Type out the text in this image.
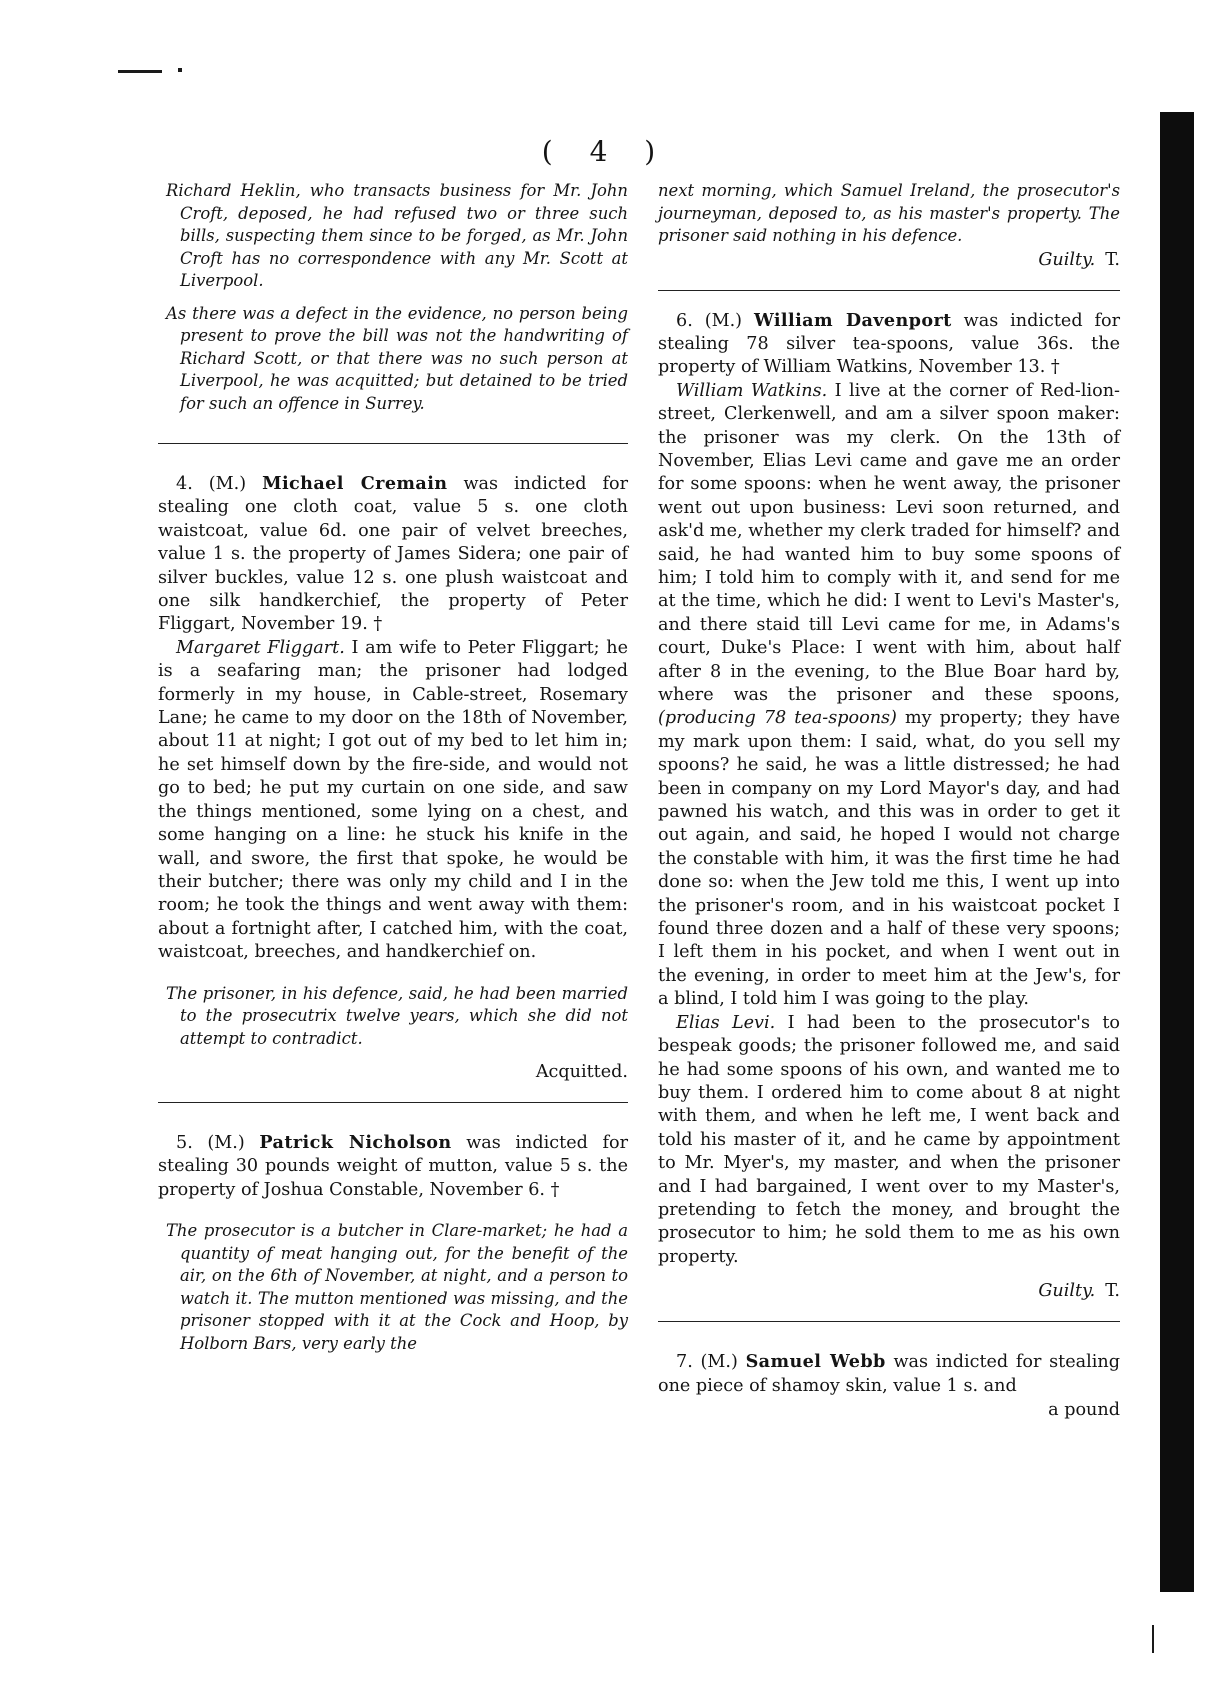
( 4 )

Richard Heklin, who transacts business for Mr. John Croft, deposed, he had refused two or three such bills, suspecting them since to be forged, as Mr. John Croft has no correspondence with any Mr. Scott at Liverpool.

As there was a defect in the evidence, no person being present to prove the bill was not the handwriting of Richard Scott, or that there was no such person at Liverpool, he was acquitted; but detained to be tried for such an offence in Surrey.

4. (M.) Michael Cremain was indicted for stealing one cloth coat, value 5 s. one cloth waistcoat, value 6d. one pair of velvet breeches, value 1 s. the property of James Sidera; one pair of silver buckles, value 12 s. one plush waistcoat and one silk handkerchief, the property of Peter Fliggart, November 19. †

Margaret Fliggart. I am wife to Peter Fliggart; he is a seafaring man; the prisoner had lodged formerly in my house, in Cable-street, Rosemary Lane; he came to my door on the 18th of November, about 11 at night; I got out of my bed to let him in; he set himself down by the fire-side, and would not go to bed; he put my curtain on one side, and saw the things mentioned, some lying on a chest, and some hanging on a line: he stuck his knife in the wall, and swore, the first that spoke, he would be their butcher; there was only my child and I in the room; he took the things and went away with them: about a fortnight after, I catched him, with the coat, waistcoat, breeches, and handkerchief on.

The prisoner, in his defence, said, he had been married to the prosecutrix twelve years, which she did not attempt to contradict.

Acquitted.

5. (M.) Patrick Nicholson was indicted for stealing 30 pounds weight of mutton, value 5 s. the property of Joshua Constable, November 6. †

The prosecutor is a butcher in Clare-market; he had a quantity of meat hanging out, for the benefit of the air, on the 6th of November, at night, and a person to watch it. The mutton mentioned was missing, and the prisoner stopped with it at the Cock and Hoop, by Holborn Bars, very early the

next morning, which Samuel Ireland, the prosecutor's journeyman, deposed to, as his master's property. The prisoner said nothing in his defence.

Guilty. T.

6. (M.) William Davenport was indicted for stealing 78 silver tea-spoons, value 36s. the property of William Watkins, November 13. †

William Watkins. I live at the corner of Red-lion-street, Clerkenwell, and am a silver spoon maker: the prisoner was my clerk. On the 13th of November, Elias Levi came and gave me an order for some spoons: when he went away, the prisoner went out upon business: Levi soon returned, and ask'd me, whether my clerk traded for himself? and said, he had wanted him to buy some spoons of him; I told him to comply with it, and send for me at the time, which he did: I went to Levi's Master's, and there staid till Levi came for me, in Adams's court, Duke's Place: I went with him, about half after 8 in the evening, to the Blue Boar hard by, where was the prisoner and these spoons, (producing 78 tea-spoons) my property; they have my mark upon them: I said, what, do you sell my spoons? he said, he was a little distressed; he had been in company on my Lord Mayor's day, and had pawned his watch, and this was in order to get it out again, and said, he hoped I would not charge the constable with him, it was the first time he had done so: when the Jew told me this, I went up into the prisoner's room, and in his waistcoat pocket I found three dozen and a half of these very spoons; I left them in his pocket, and when I went out in the evening, in order to meet him at the Jew's, for a blind, I told him I was going to the play.

Elias Levi. I had been to the prosecutor's to bespeak goods; the prisoner followed me, and said he had some spoons of his own, and wanted me to buy them. I ordered him to come about 8 at night with them, and when he left me, I went back and told his master of it, and he came by appointment to Mr. Myer's, my master, and when the prisoner and I had bargained, I went over to my Master's, pretending to fetch the money, and brought the prosecutor to him; he sold them to me as his own property.

Guilty. T.

7. (M.) Samuel Webb was indicted for stealing one piece of shamoy skin, value 1 s. and

a pound
